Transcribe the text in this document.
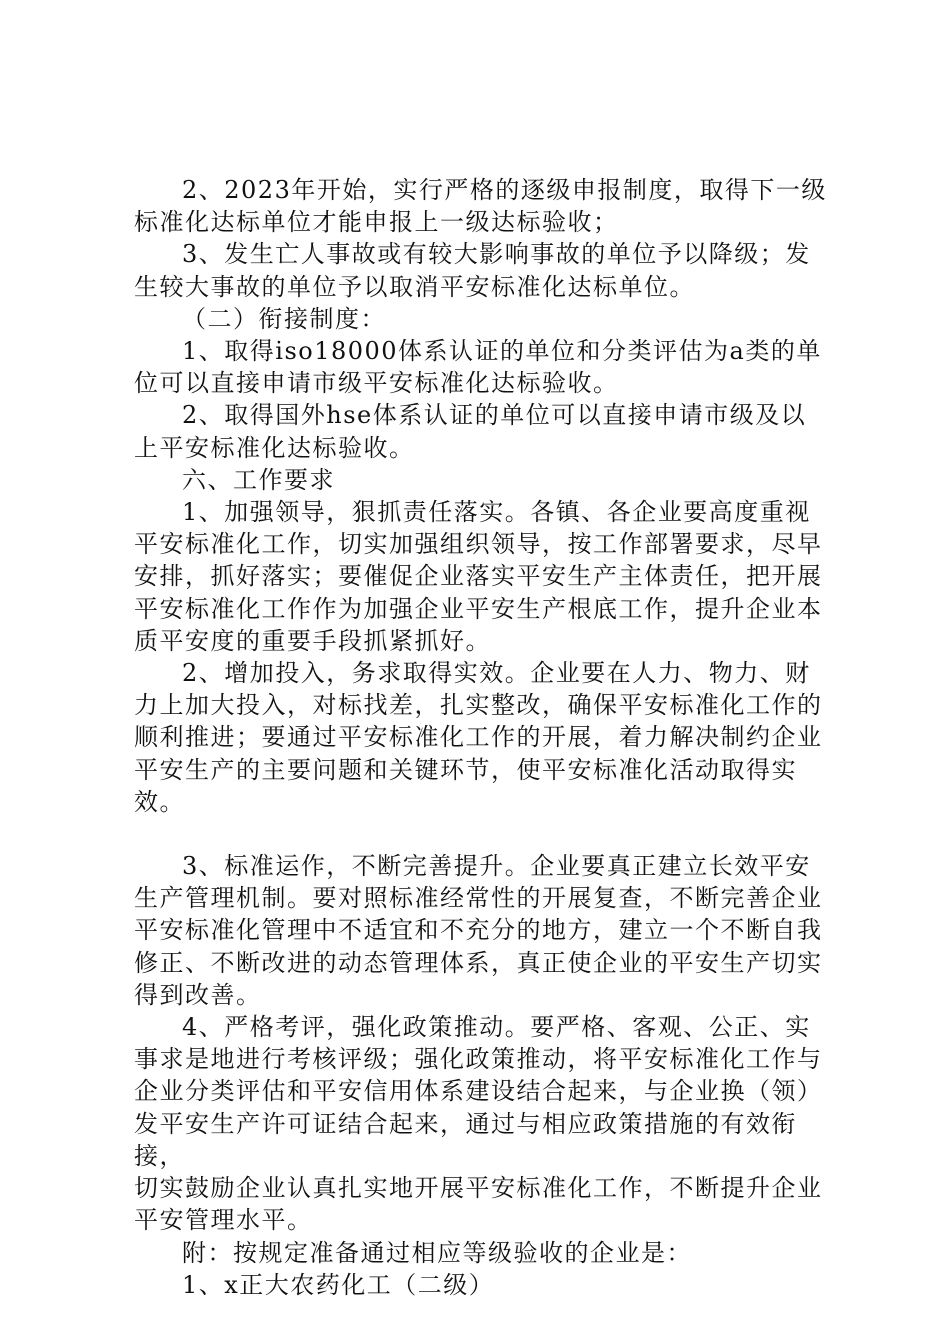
2、2023年开始，实行严格的逐级申报制度，取得下一级
标准化达标单位才能申报上一级达标验收；

3、发生亡人事故或有较大影响事故的单位予以降级；发
生较大事故的单位予以取消平安标准化达标单位。

（二）衔接制度：

1、取得iso18000体系认证的单位和分类评估为a类的单
位可以直接申请市级平安标准化达标验收。

2、取得国外hse体系认证的单位可以直接申请市级及以
上平安标准化达标验收。

六、工作要求

1、加强领导，狠抓责任落实。各镇、各企业要高度重视
平安标准化工作，切实加强组织领导，按工作部署要求，尽早
安排，抓好落实；要催促企业落实平安生产主体责任，把开展
平安标准化工作作为加强企业平安生产根底工作，提升企业本
质平安度的重要手段抓紧抓好。

2、增加投入，务求取得实效。企业要在人力、物力、财
力上加大投入，对标找差，扎实整改，确保平安标准化工作的
顺利推进；要通过平安标准化工作的开展，着力解决制约企业
平安生产的主要问题和关键环节，使平安标准化活动取得实效。

3、标准运作，不断完善提升。企业要真正建立长效平安
生产管理机制。要对照标准经常性的开展复查，不断完善企业
平安标准化管理中不适宜和不充分的地方，建立一个不断自我
修正、不断改进的动态管理体系，真正使企业的平安生产切实
得到改善。

4、严格考评，强化政策推动。要严格、客观、公正、实
事求是地进行考核评级；强化政策推动，将平安标准化工作与
企业分类评估和平安信用体系建设结合起来，与企业换（领）
发平安生产许可证结合起来，通过与相应政策措施的有效衔接，
切实鼓励企业认真扎实地开展平安标准化工作，不断提升企业
平安管理水平。

附：按规定准备通过相应等级验收的企业是：

1、x正大农药化工（二级）
